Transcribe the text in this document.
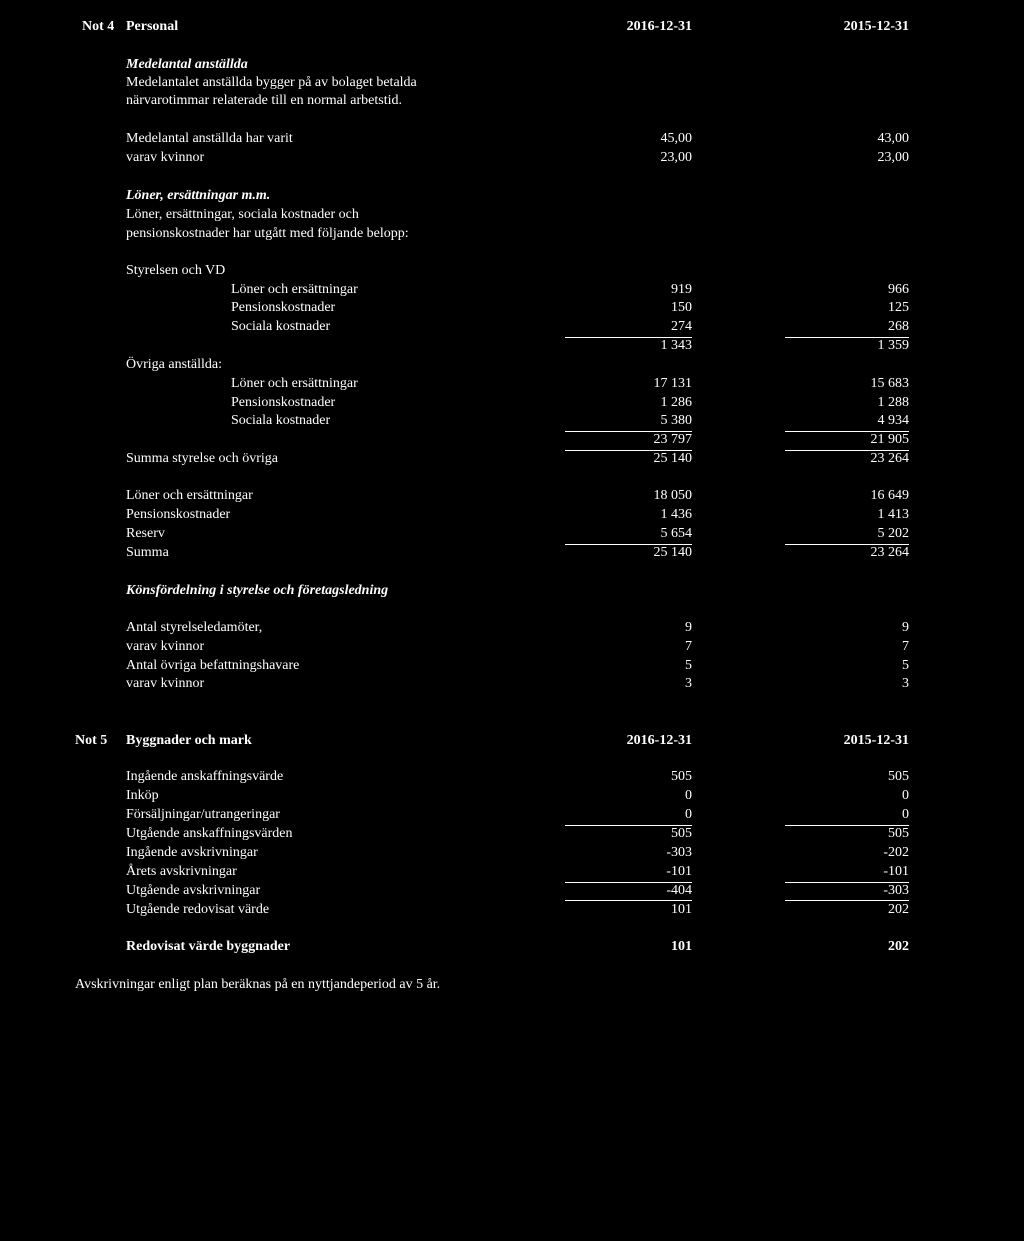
Not 4 Personal	2016-12-31	2015-12-31
Medelantal anställda
Medelantalet anställda bygger på av bolaget betalda
närvarotimmar relaterade till en normal arbetstid.
Medelantal anställda har varit	45,00	43,00
varav kvinnor	23,00	23,00
Löner, ersättningar m.m.
Löner, ersättningar, sociala kostnader och
pensionskostnader har utgått med följande belopp:
Styrelsen och VD
Löner och ersättningar	919	966
Pensionskostnader	150	125
Sociala kostnader	274	268
1 343	1 359
Övriga anställda:
Löner och ersättningar	17 131	15 683
Pensionskostnader	1 286	1 288
Sociala kostnader	5 380	4 934
23 797	21 905
Summa styrelse och övriga	25 140	23 264
Löner och ersättningar	18 050	16 649
Pensionskostnader	1 436	1 413
Reserv	5 654	5 202
Summa	25 140	23 264
Könsfördelning i styrelse och företagsledning
Antal styrelseledamöter,	9	9
varav kvinnor	7	7
Antal övriga befattningshavare	5	5
varav kvinnor	3	3
Not 5 Byggnader och mark	2016-12-31	2015-12-31
Ingående anskaffningsvärde	505	505
Inköp	0	0
Försäljningar/utrangeringar	0	0
Utgående anskaffningsvärden	505	505
Ingående avskrivningar	-303	-202
Årets avskrivningar	-101	-101
Utgående avskrivningar	-404	-303
Utgående redovisat värde	101	202
Redovisat värde byggnader	101	202
Avskrivningar enligt plan beräknas på en nyttjandeperiod av 5 år.
